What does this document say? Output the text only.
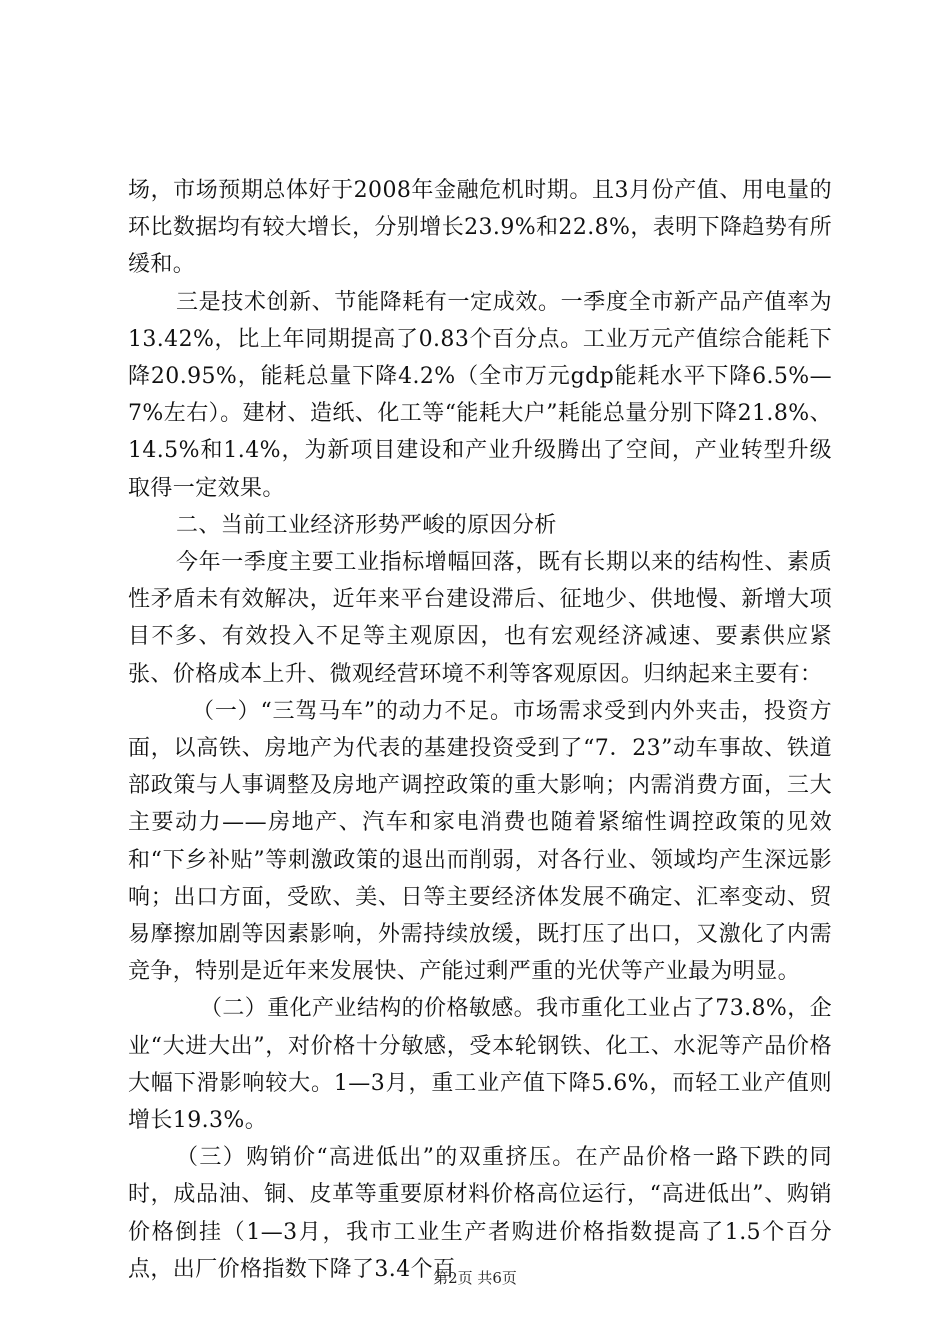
场，市场预期总体好于2008年金融危机时期。且3月份产值、用电量的环比数据均有较大增长，分别增长23.9%和22.8%，表明下降趋势有所缓和。

三是技术创新、节能降耗有一定成效。一季度全市新产品产值率为13.42%，比上年同期提高了0.83个百分点。工业万元产值综合能耗下降20.95%，能耗总量下降4.2%（全市万元gdp能耗水平下降6.5%—7%左右）。建材、造纸、化工等“能耗大户”耗能总量分别下降21.8%、14.5%和1.4%，为新项目建设和产业升级腾出了空间，产业转型升级取得一定效果。

二、当前工业经济形势严峻的原因分析

今年一季度主要工业指标增幅回落，既有长期以来的结构性、素质性矛盾未有效解决，近年来平台建设滞后、征地少、供地慢、新增大项目不多、有效投入不足等主观原因，也有宏观经济减速、要素供应紧张、价格成本上升、微观经营环境不利等客观原因。归纳起来主要有：

（一）“三驾马车”的动力不足。市场需求受到内外夹击，投资方面，以高铁、房地产为代表的基建投资受到了“7．23”动车事故、铁道部政策与人事调整及房地产调控政策的重大影响；内需消费方面，三大主要动力——房地产、汽车和家电消费也随着紧缩性调控政策的见效和“下乡补贴”等刺激政策的退出而削弱，对各行业、领域均产生深远影响；出口方面，受欧、美、日等主要经济体发展不确定、汇率变动、贸易摩擦加剧等因素影响，外需持续放缓，既打压了出口，又激化了内需竞争，特别是近年来发展快、产能过剩严重的光伏等产业最为明显。

（二）重化产业结构的价格敏感。我市重化工业占了73.8%，企业“大进大出”，对价格十分敏感，受本轮钢铁、化工、水泥等产品价格大幅下滑影响较大。1—3月，重工业产值下降5.6%，而轻工业产值则增长19.3%。

（三）购销价“高进低出”的双重挤压。在产品价格一路下跌的同时，成品油、铜、皮革等重要原材料价格高位运行，“高进低出”、购销价格倒挂（1—3月，我市工业生产者购进价格指数提高了1.5个百分点，出厂价格指数下降了3.4个百

第2页 共6页
